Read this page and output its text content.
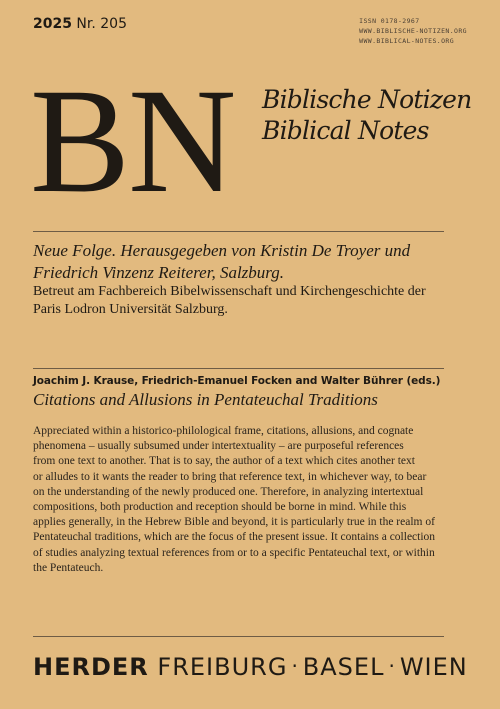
2025 Nr. 205	ISSN 0178-2967
WWW.BIBLISCHE-NOTIZEN.ORG
WWW.BIBLICAL-NOTES.ORG
BN Biblische Notizen
Biblical Notes
Neue Folge. Herausgegeben von Kristin De Troyer und Friedrich Vinzenz Reiterer, Salzburg.
Betreut am Fachbereich Bibelwissenschaft und Kirchengeschichte der Paris Lodron Universität Salzburg.
Joachim J. Krause, Friedrich-Emanuel Focken and Walter Bührer (eds.)
Citations and Allusions in Pentateuchal Traditions
Appreciated within a historico-philological frame, citations, allusions, and cognate
phenomena – usually subsumed under intertextuality – are purposeful references
from one text to another. That is to say, the author of a text which cites another text
or alludes to it wants the reader to bring that reference text, in whichever way, to bear
on the understanding of the newly produced one. Therefore, in analyzing intertextual
compositions, both production and reception should be borne in mind. While this
applies generally, in the Hebrew Bible and beyond, it is particularly true in the realm of
Pentateuchal traditions, which are the focus of the present issue. It contains a collection
of studies analyzing textual references from or to a specific Pentateuchal text, or within
the Pentateuch.
HERDER FREIBURG · BASEL · WIEN
